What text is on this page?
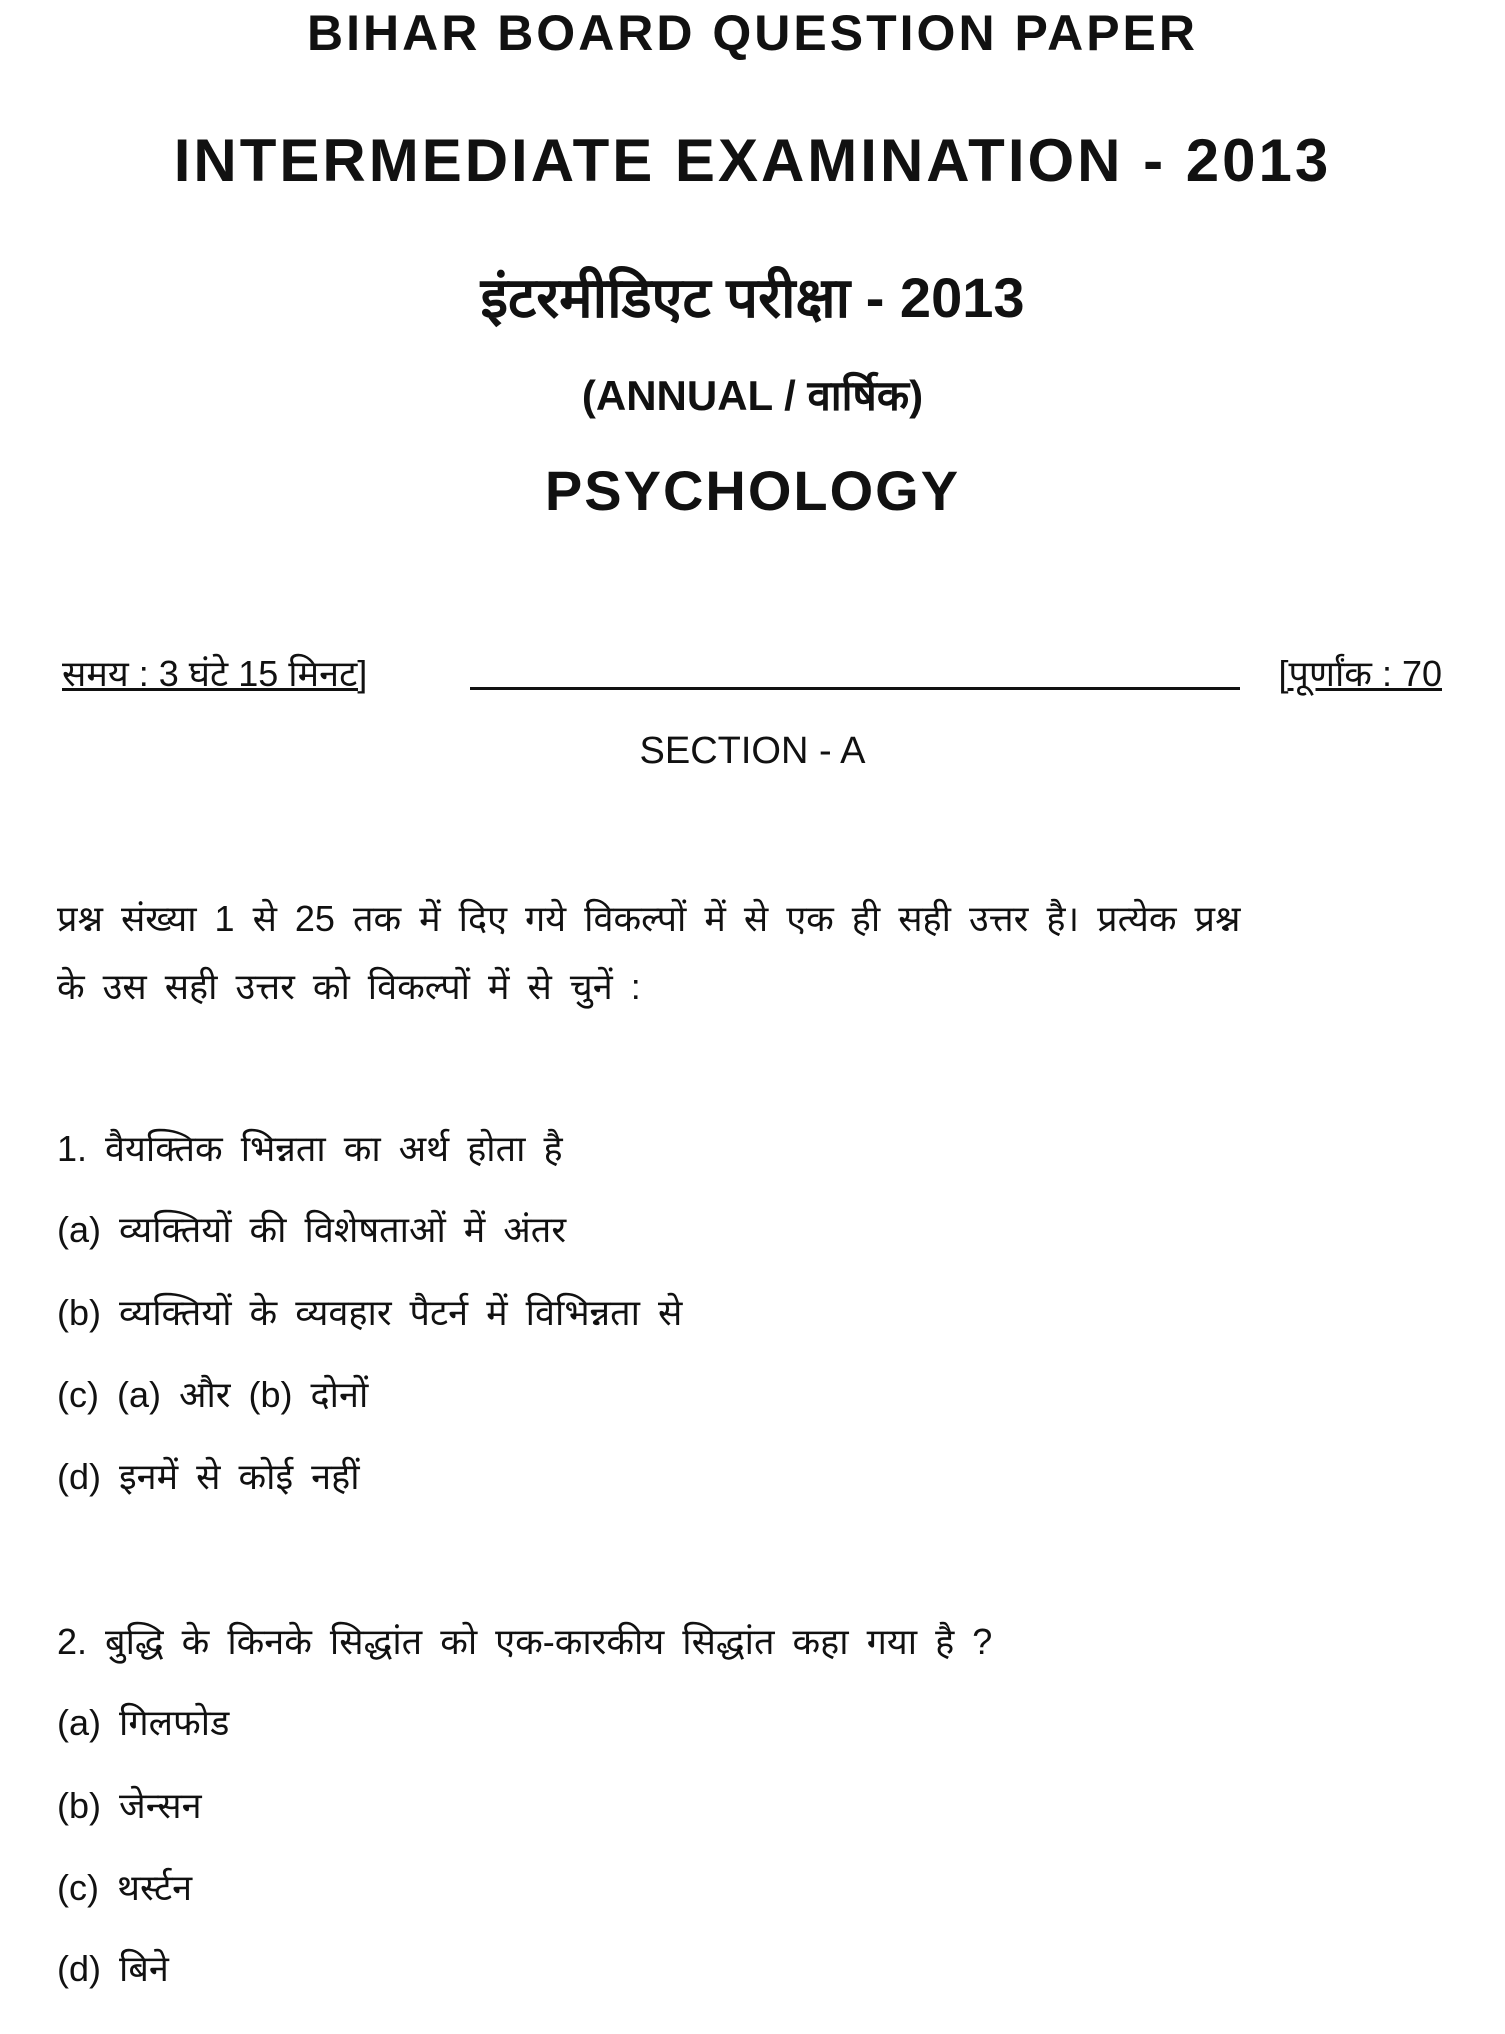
BIHAR BOARD QUESTION PAPER
INTERMEDIATE EXAMINATION - 2013
इंटरमीडिएट परीक्षा - 2013
(ANNUAL / वार्षिक)
PSYCHOLOGY
समय : 3 घंटे 15 मिनट]	[पूर्णांक : 70
SECTION - A
प्रश्न संख्या 1 से 25 तक में दिए गये विकल्पों में से एक ही सही उत्तर है। प्रत्येक प्रश्न
के उस सही उत्तर को विकल्पों में से चुनें :
1. वैयक्तिक भिन्नता का अर्थ होता है
(a) व्यक्तियों की विशेषताओं में अंतर
(b) व्यक्तियों के व्यवहार पैटर्न में विभिन्नता से
(c) (a) और (b) दोनों
(d) इनमें से कोई नहीं
2. बुद्धि के किनके सिद्धांत को एक-कारकीय सिद्धांत कहा गया है ?
(a) गिलफोड
(b) जेन्सन
(c) थर्स्टन
(d) बिने
